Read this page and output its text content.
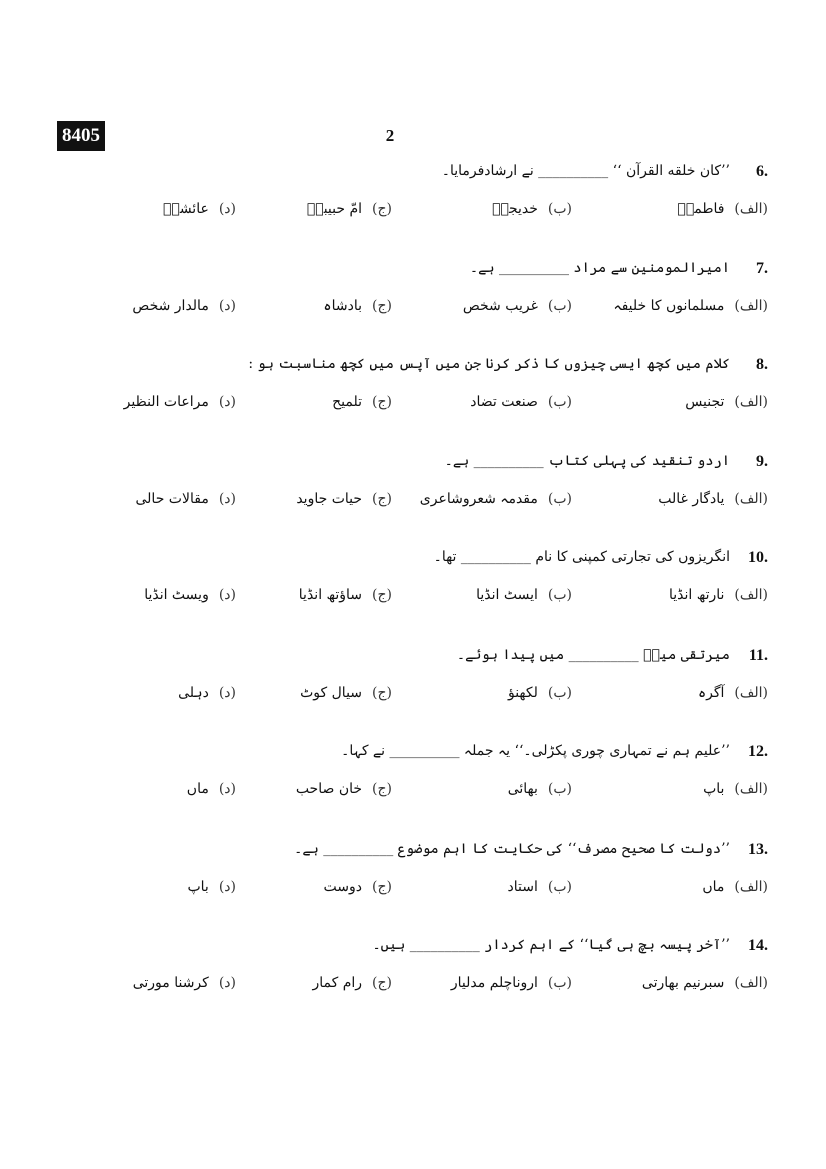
8405	2
6.
’’کان خلقه القرآن ‘‘ __________ نے ارشادفرمایا۔
(الف)فاطمہؓ
(ب)خدیجہؓ
(ج)امّ حبیبہؓ
(د)عائشہؓ
7.
امیرالمومنین سے مراد __________ ہے۔
(الف)مسلمانوں کا خلیفہ
(ب)غریب شخص
(ج)بادشاہ
(د)مالدار شخص
8.
کلام میں کچھ ایسی چیزوں کا ذکر کرنا جن میں آپس میں کچھ مناسبت ہو :
(الف)تجنیس
(ب)صنعت تضاد
(ج)تلمیح
(د)مراعات النظیر
9.
اردو تنقید کی پہلی کتاب __________ ہے۔
(الف)یادگار غالب
(ب)مقدمہ شعروشاعری
(ج)حیات جاوید
(د)مقالات حالی
10.
انگریزوں کی تجارتی کمپنی کا نام __________ تھا۔
(الف)نارتھ انڈیا
(ب)ایسٹ انڈیا
(ج)ساؤتھ انڈیا
(د)ویسٹ انڈیا
11.
میرتقی میرؔ __________ میں پیدا ہوئے۔
(الف)آگرہ
(ب)لکھنؤ
(ج)سیال کوٹ
(د)دہلی
12.
’’علیم ہم نے تمہاری چوری پکڑلی۔‘‘ یہ جملہ __________ نے کہا۔
(الف)باپ
(ب)بھائی
(ج)خان صاحب
(د)ماں
13.
’’دولت کا صحیح مصرف‘‘ کی حکایت کا اہم موضوع __________ ہے۔
(الف)ماں
(ب)استاد
(ج)دوست
(د)باپ
14.
’’آخر پیسہ بچ ہی گیا‘‘ کے اہم کردار __________ ہیں۔
(الف)سبرنیم بھارتی
(ب)اروناچلم مدلیار
(ج)رام کمار
(د)کرشنا مورتی
